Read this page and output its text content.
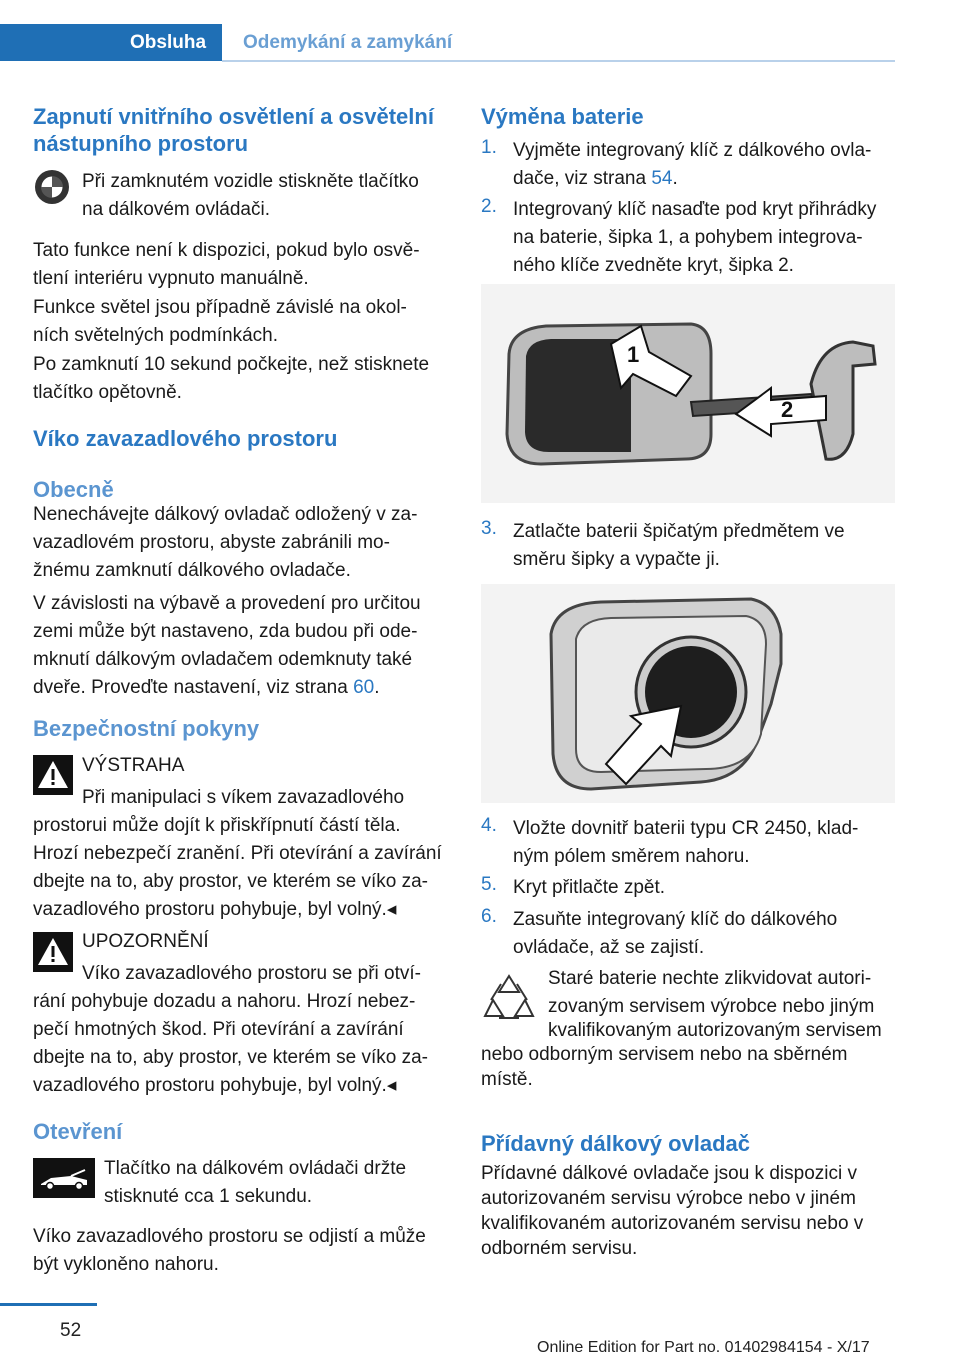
Obsluha Odemykání a zamykání
Zapnutí vnitřního osvětlení a osvětelní
nástupního prostoru
Při zamknutém vozidle stiskněte tlačítko
na dálkovém ovládači.
Tato funkce není k dispozici, pokud bylo osvě‐
tlení interiéru vypnuto manuálně.
Funkce světel jsou případně závislé na okol‐
ních světelných podmínkách.
Po zamknutí 10 sekund počkejte, než stisknete
tlačítko opětovně.
Víko zavazadlového prostoru
Obecně
Nenechávejte dálkový ovladač odložený v za‐
vazadlovém prostoru, abyste zabránili mo‐
žnému zamknutí dálkového ovladače.
V závislosti na výbavě a provedení pro určitou
zemi může být nastaveno, zda budou při ode‐
mknutí dálkovým ovladačem odemknuty také
dveře. Proveďte nastavení, viz strana 60.
Bezpečnostní pokyny
VÝSTRAHA
Při manipulaci s víkem zavazadlového
prostorui může dojít k přiskřípnutí částí těla.
Hrozí nebezpečí zranění. Při otevírání a zavírání
dbejte na to, aby prostor, ve kterém se víko za‐
vazadlového prostoru pohybuje, byl volný.◂
UPOZORNĚNÍ
Víko zavazadlového prostoru se při otví‐
rání pohybuje dozadu a nahoru. Hrozí nebez‐
pečí hmotných škod. Při otevírání a zavírání
dbejte na to, aby prostor, ve kterém se víko za‐
vazadlového prostoru pohybuje, byl volný.◂
Otevření
Tlačítko na dálkovém ovládači držte
stisknuté cca 1 sekundu.
Víko zavazadlového prostoru se odjistí a může
být vykloněno nahoru.
Výměna baterie
1. Vyjměte integrovaný klíč z dálkového ovla‐
dače, viz strana 54.
2. Integrovaný klíč nasaďte pod kryt přihrádky
na baterie, šipka 1, a pohybem integrova‐
ného klíče zvedněte kryt, šipka 2.
2
1
3. Zatlačte baterii špičatým předmětem ve
směru šipky a vypačte ji.
4. Vložte dovnitř baterii typu CR 2450, klad‐
ným pólem směrem nahoru.
5. Kryt přitlačte zpět.
6. Zasuňte integrovaný klíč do dálkového
ovládače, až se zajistí.
Staré baterie nechte zlikvidovat autori‐
zovaným servisem výrobce nebo jiným
kvalifikovaným autorizovaným servisem
nebo odborným servisem nebo na sběrném
místě.
Přídavný dálkový ovladač
Přídavné dálkové ovladače jsou k dispozici v
autorizovaném servisu výrobce nebo v jiném
kvalifikovaném autorizovaném servisu nebo v
odborném servisu.
52
Online Edition for Part no. 01402984154 - X/17
